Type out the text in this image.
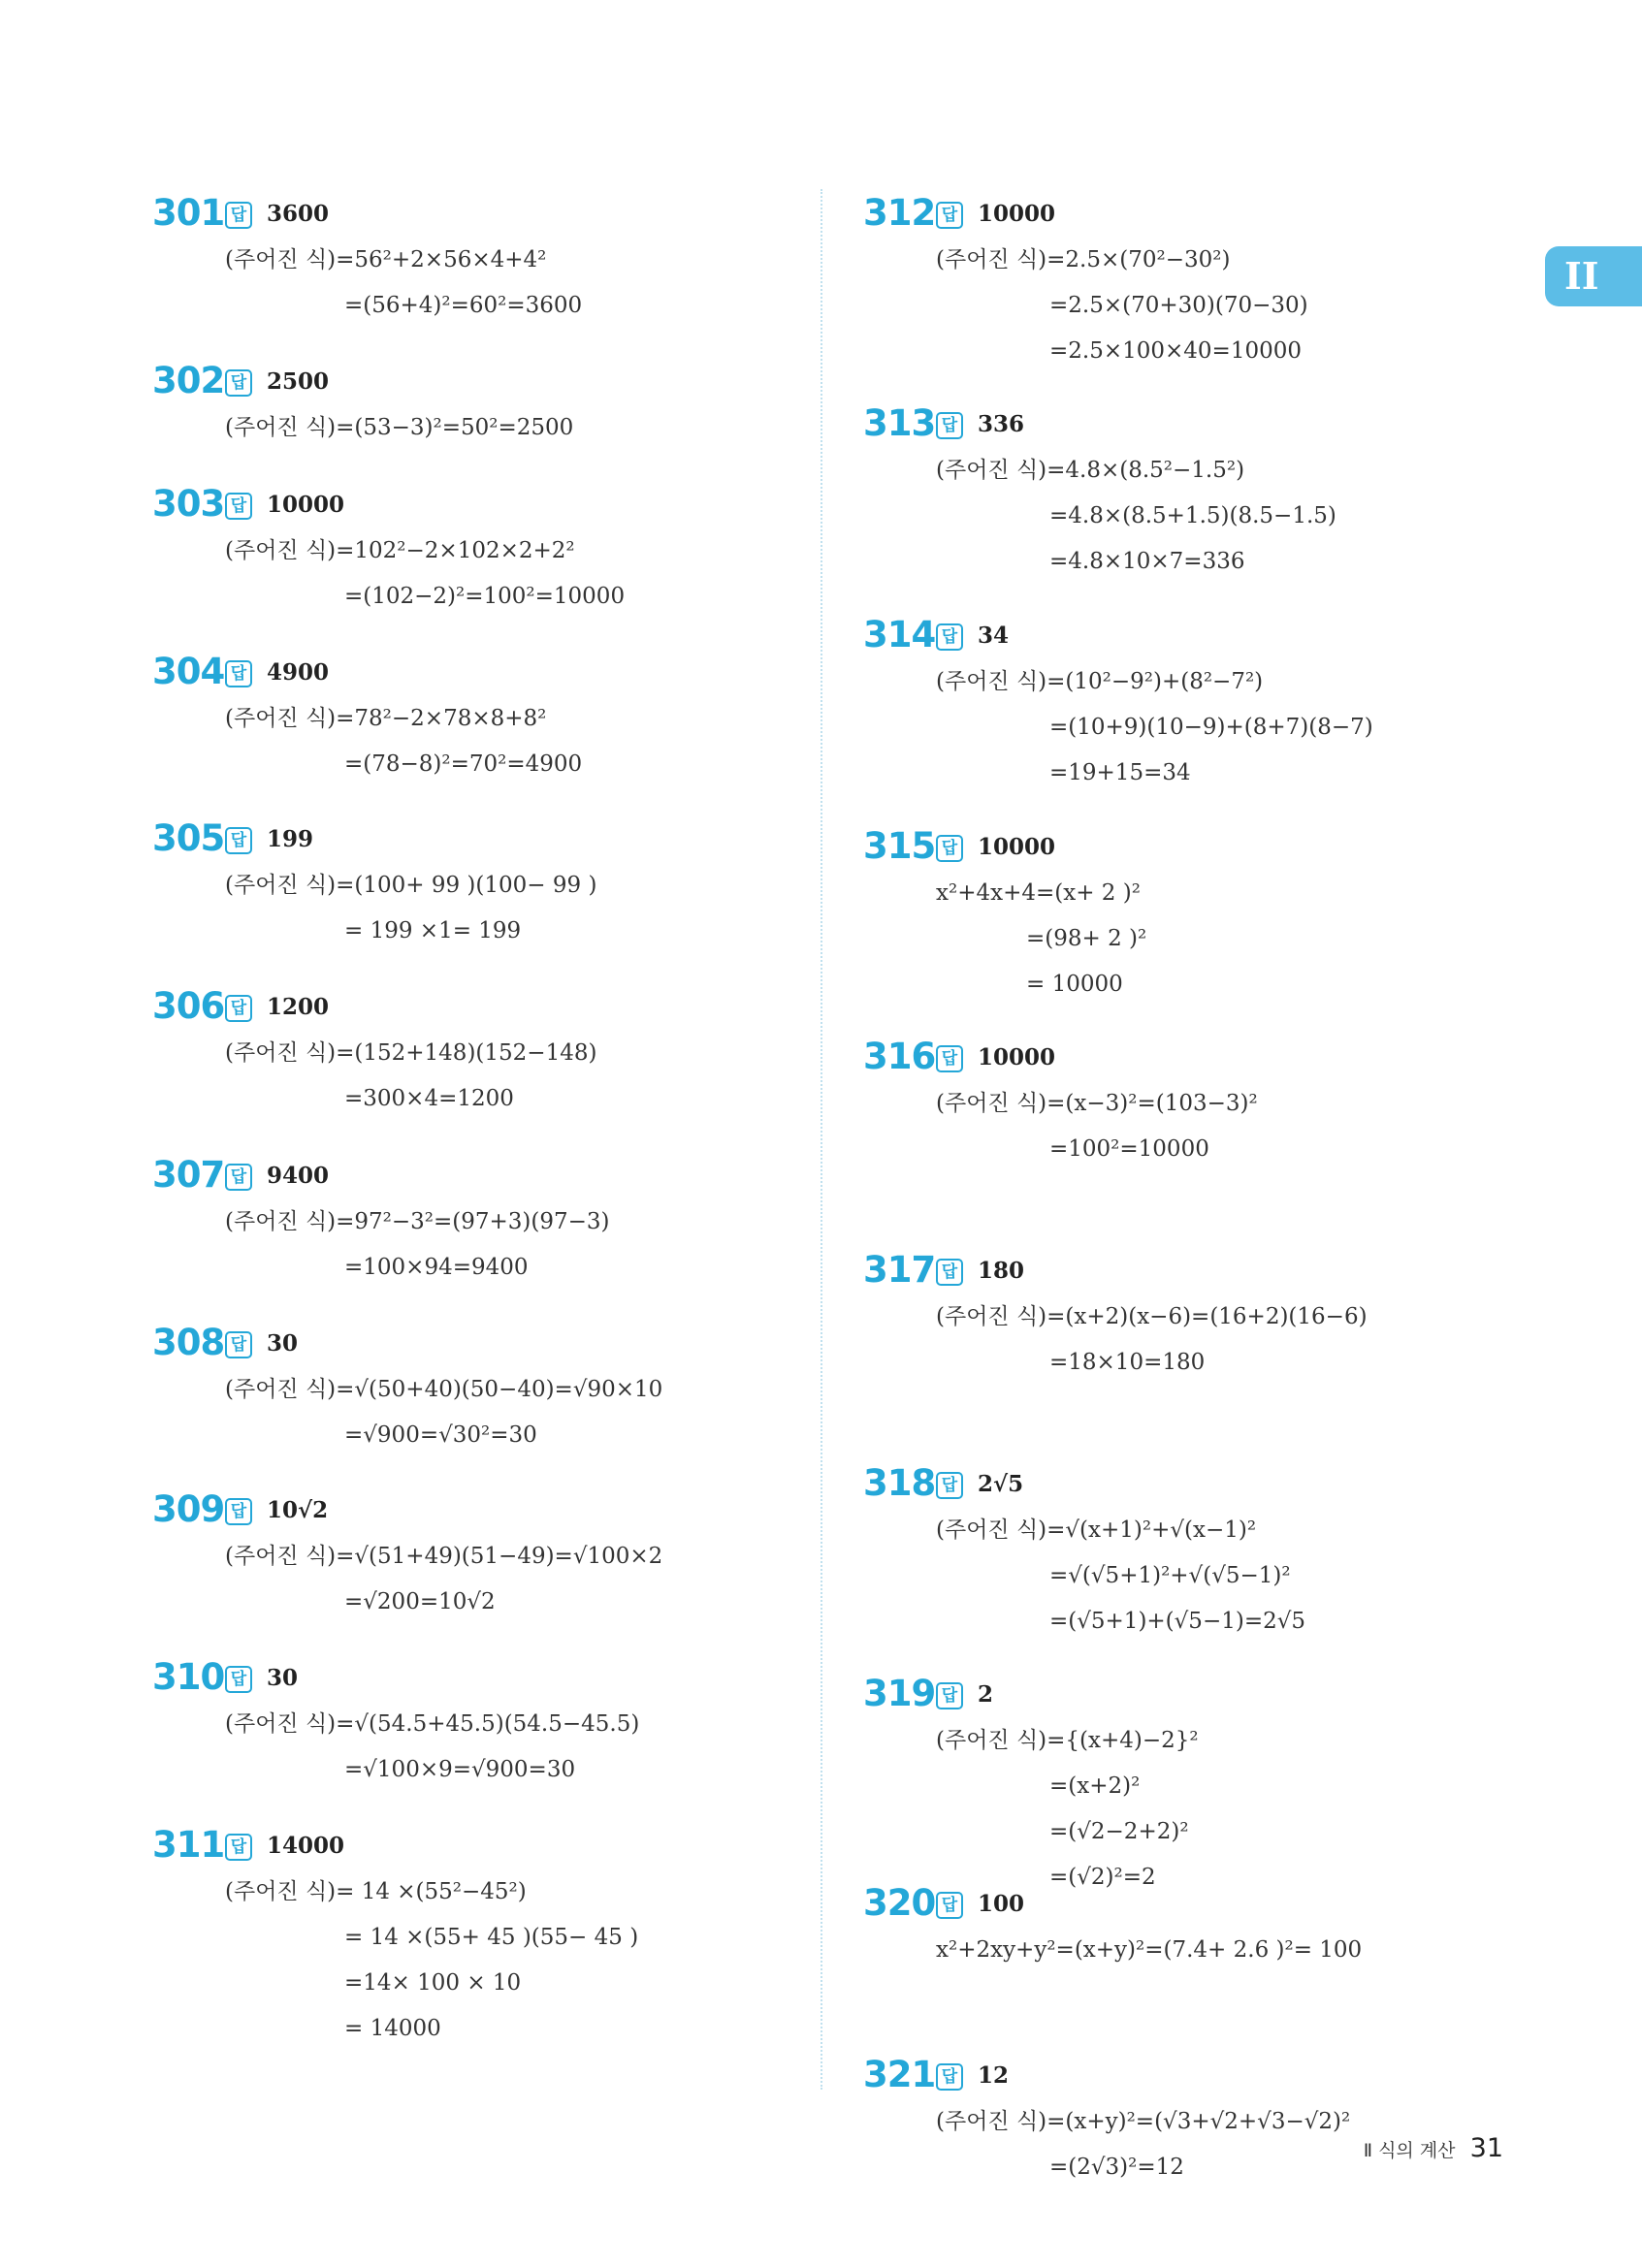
II
301 답 3600
(주어진 식)=56²+2×56×4+4²
=(56+4)²=60²=3600
302 답 2500
(주어진 식)=(53−3)²=50²=2500
303 답 10000
(주어진 식)=102²−2×102×2+2²
=(102−2)²=100²=10000
304 답 4900
(주어진 식)=78²−2×78×8+8²
=(78−8)²=70²=4900
305 답 199
(주어진 식)=(100+ 99 )(100− 99 )
= 199 ×1= 199
306 답 1200
(주어진 식)=(152+148)(152−148)
=300×4=1200
307 답 9400
(주어진 식)=97²−3²=(97+3)(97−3)
=100×94=9400
308 답 30
(주어진 식)=√(50+40)(50−40)=√90×10
=√900=√30²=30
309 답 10√2
(주어진 식)=√(51+49)(51−49)=√100×2
=√200=10√2
310 답 30
(주어진 식)=√(54.5+45.5)(54.5−45.5)
=√100×9=√900=30
311 답 14000
(주어진 식)= 14 ×(55²−45²)
= 14 ×(55+ 45 )(55− 45 )
=14× 100 × 10
= 14000
312 답 10000
(주어진 식)=2.5×(70²−30²)
=2.5×(70+30)(70−30)
=2.5×100×40=10000
313 답 336
(주어진 식)=4.8×(8.5²−1.5²)
=4.8×(8.5+1.5)(8.5−1.5)
=4.8×10×7=336
314 답 34
(주어진 식)=(10²−9²)+(8²−7²)
=(10+9)(10−9)+(8+7)(8−7)
=19+15=34
315 답 10000
x²+4x+4=(x+ 2 )²
=(98+ 2 )²
= 10000
316 답 10000
(주어진 식)=(x−3)²=(103−3)²
=100²=10000
317 답 180
(주어진 식)=(x+2)(x−6)=(16+2)(16−6)
=18×10=180
318 답 2√5
(주어진 식)=√(x+1)²+√(x−1)²
=√(√5+1)²+√(√5−1)²
=(√5+1)+(√5−1)=2√5
319 답 2
(주어진 식)={(x+4)−2}²
=(x+2)²
=(√2−2+2)²
=(√2)²=2
320 답 100
x²+2xy+y²=(x+y)²=(7.4+ 2.6 )²= 100
321 답 12
(주어진 식)=(x+y)²=(√3+√2+√3−√2)²
=(2√3)²=12
Ⅱ 식의 계산 31
